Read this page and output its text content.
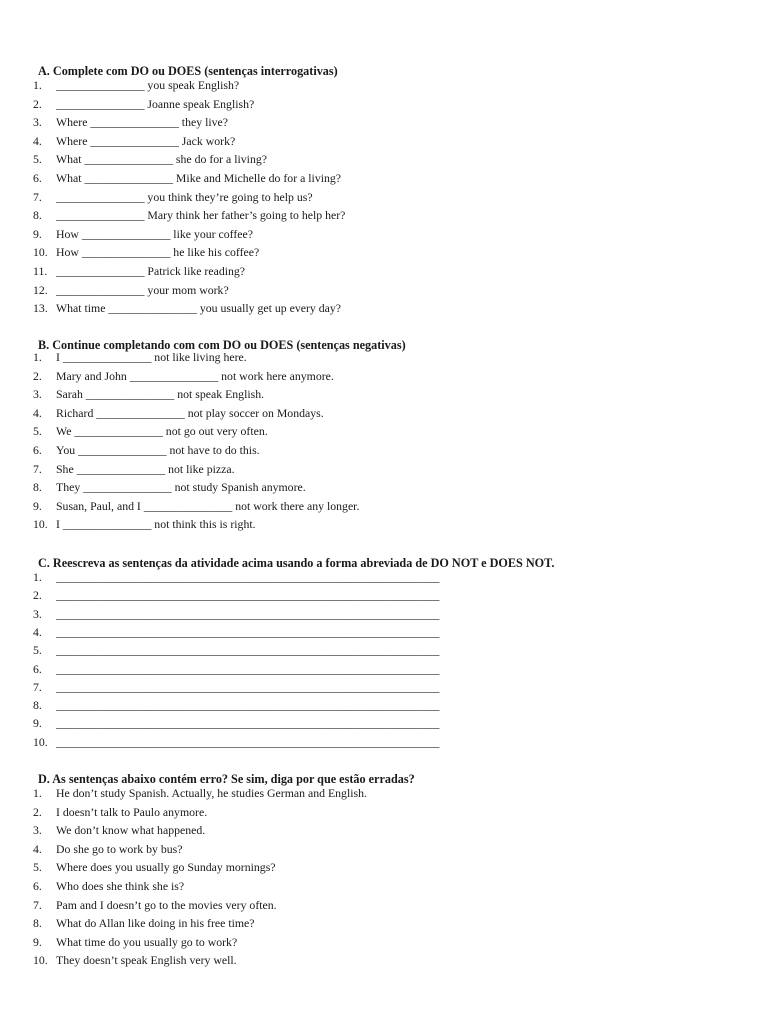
A. Complete com DO ou DOES (sentenças interrogativas)
1. _______________ you speak English?
2. _______________ Joanne speak English?
3. Where _______________ they live?
4. Where _______________ Jack work?
5. What _______________ she do for a living?
6. What _______________ Mike and Michelle do for a living?
7. _______________ you think they’re going to help us?
8. _______________ Mary think her father’s going to help her?
9. How _______________ like your coffee?
10. How _______________ he like his coffee?
11. _______________ Patrick like reading?
12. _______________ your mom work?
13. What time _______________ you usually get up every day?
B. Continue completando com com DO ou DOES (sentenças negativas)
1. I _______________ not like living here.
2. Mary and John _______________ not work here anymore.
3. Sarah _______________ not speak English.
4. Richard _______________ not play soccer on Mondays.
5. We _______________ not go out very often.
6. You _______________ not have to do this.
7. She _______________ not like pizza.
8. They _______________ not study Spanish anymore.
9. Susan, Paul, and I _______________ not work there any longer.
10. I _______________ not think this is right.
C. Reescreva as sentenças da atividade acima usando a forma abreviada de DO NOT e DOES NOT.
1. _________________________________________________________________
2. _________________________________________________________________
3. _________________________________________________________________
4. _________________________________________________________________
5. _________________________________________________________________
6. _________________________________________________________________
7. _________________________________________________________________
8. _________________________________________________________________
9. _________________________________________________________________
10. _________________________________________________________________
D. As sentenças abaixo contém erro? Se sim, diga por que estão erradas?
1. He don’t study Spanish. Actually, he studies German and English.
2. I doesn’t talk to Paulo anymore.
3. We don’t know what happened.
4. Do she go to work by bus?
5. Where does you usually go Sunday mornings?
6. Who does she think she is?
7. Pam and I doesn’t go to the movies very often.
8. What do Allan like doing in his free time?
9. What time do you usually go to work?
10. They doesn’t speak English very well.
